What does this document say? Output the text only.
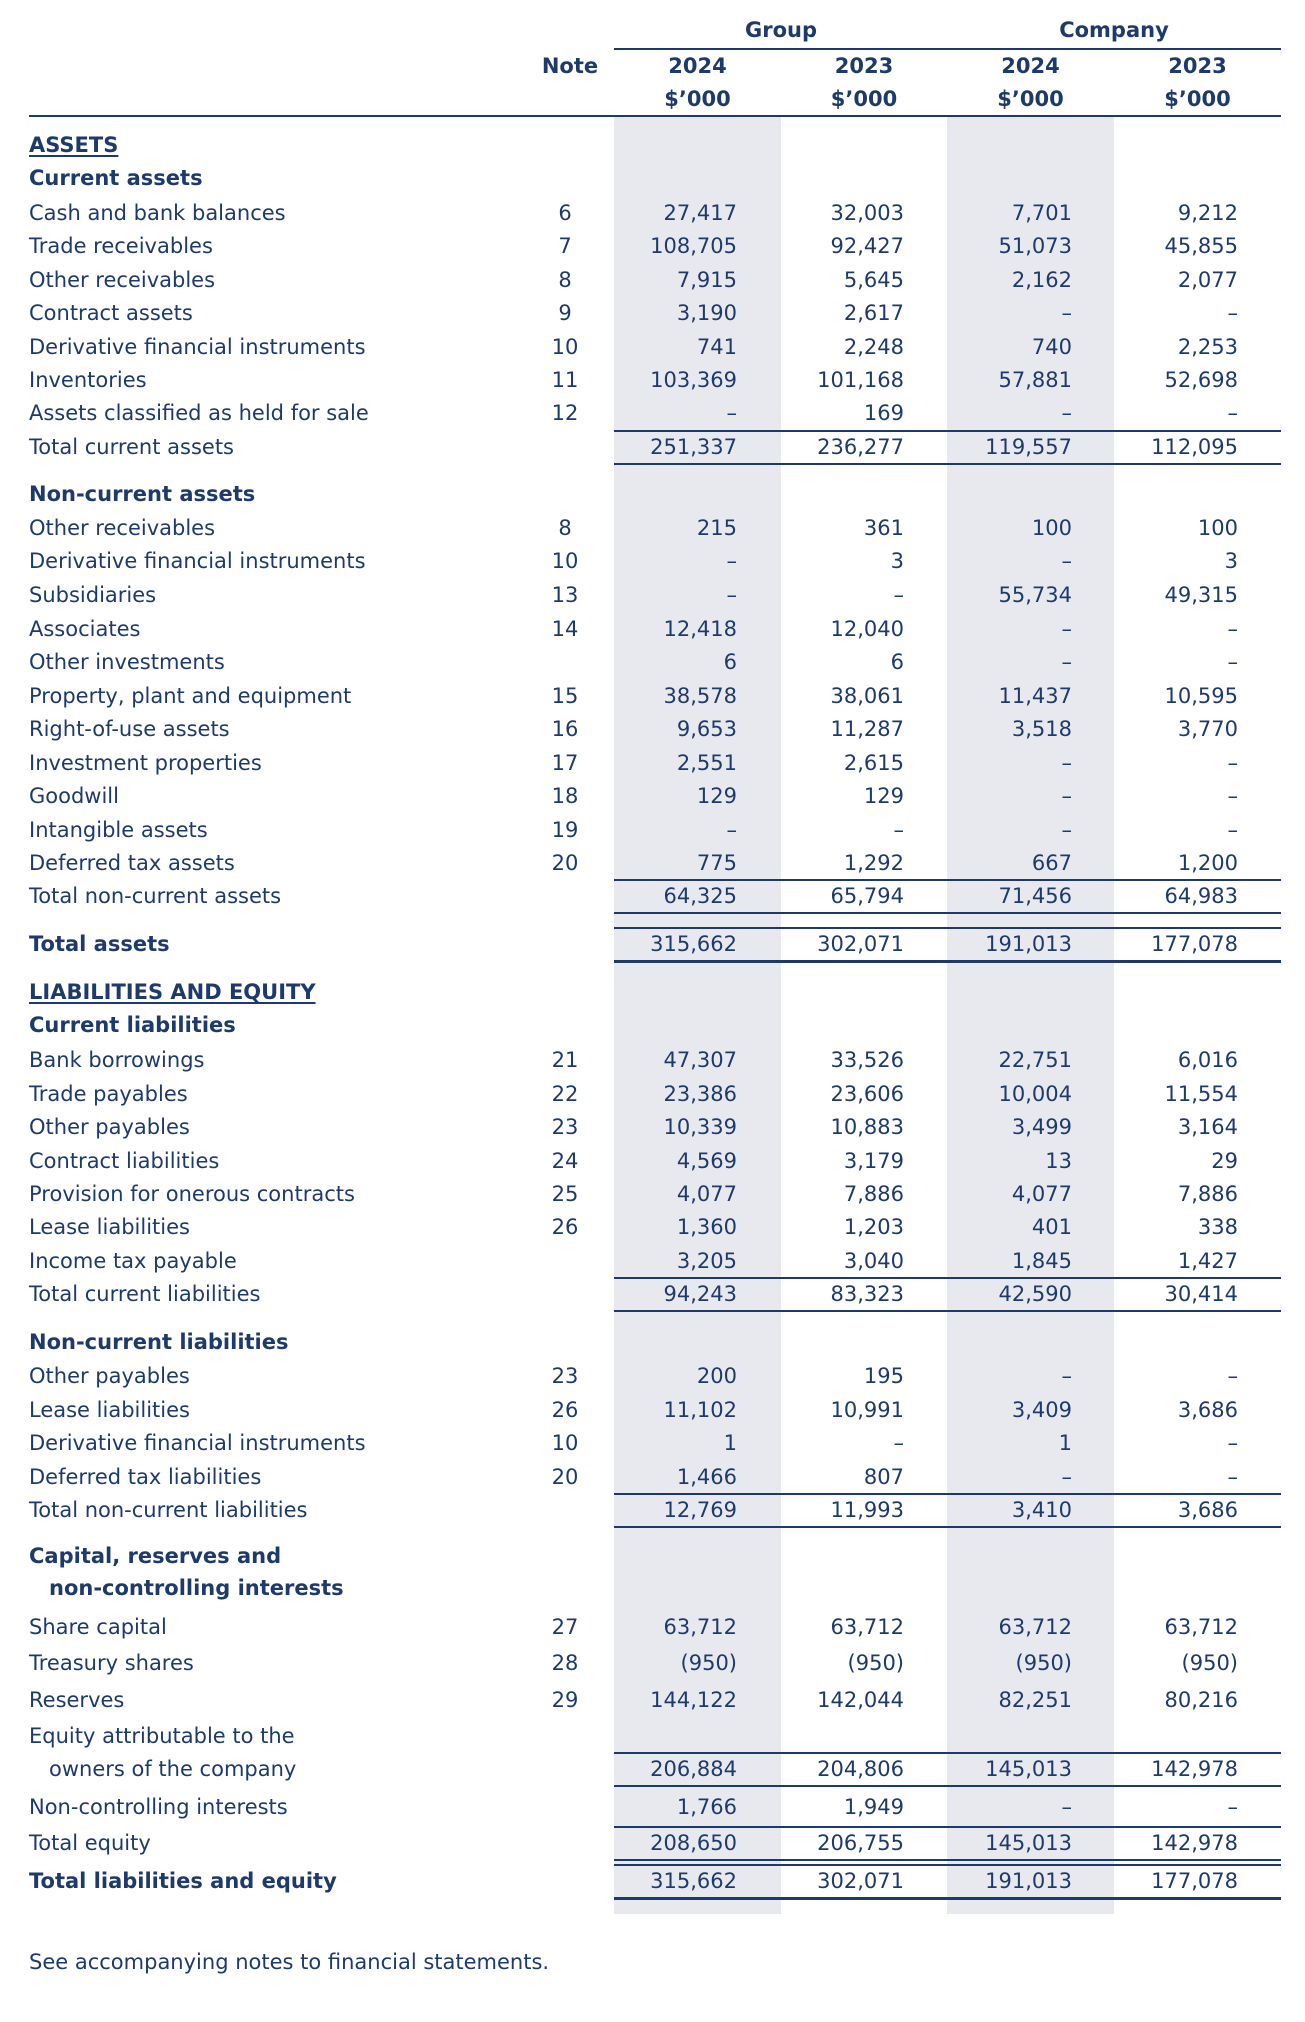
Group	Company
Note	2024	2023	2024	2023
$’000	$’000	$’000	$’000
ASSETS
Current assets
Cash and bank balances	6	27,417	32,003	7,701	9,212
Trade receivables	7	108,705	92,427	51,073	45,855
Other receivables	8	7,915	5,645	2,162	2,077
Contract assets	9	3,190	2,617	–	–
Derivative financial instruments	10	741	2,248	740	2,253
Inventories	11	103,369	101,168	57,881	52,698
Assets classified as held for sale	12	–	169	–	–
Total current assets	251,337	236,277	119,557	112,095
Non-current assets
Other receivables	8	215	361	100	100
Derivative financial instruments	10	–	3	–	3
Subsidiaries	13	–	–	55,734	49,315
Associates	14	12,418	12,040	–	–
Other investments	6	6	–	–
Property, plant and equipment	15	38,578	38,061	11,437	10,595
Right-of-use assets	16	9,653	11,287	3,518	3,770
Investment properties	17	2,551	2,615	–	–
Goodwill	18	129	129	–	–
Intangible assets	19	–	–	–	–
Deferred tax assets	20	775	1,292	667	1,200
Total non-current assets	64,325	65,794	71,456	64,983
Total assets	315,662	302,071	191,013	177,078
LIABILITIES AND EQUITY
Current liabilities
Bank borrowings	21	47,307	33,526	22,751	6,016
Trade payables	22	23,386	23,606	10,004	11,554
Other payables	23	10,339	10,883	3,499	3,164
Contract liabilities	24	4,569	3,179	13	29
Provision for onerous contracts	25	4,077	7,886	4,077	7,886
Lease liabilities	26	1,360	1,203	401	338
Income tax payable	3,205	3,040	1,845	1,427
Total current liabilities	94,243	83,323	42,590	30,414
Non-current liabilities
Other payables	23	200	195	–	–
Lease liabilities	26	11,102	10,991	3,409	3,686
Derivative financial instruments	10	1	–	1	–
Deferred tax liabilities	20	1,466	807	–	–
Total non-current liabilities	12,769	11,993	3,410	3,686
Capital, reserves and
non-controlling interests
Share capital	27	63,712	63,712	63,712	63,712
Treasury shares	28	(950)	(950)	(950)	(950)
Reserves	29	144,122	142,044	82,251	80,216
Equity attributable to the
owners of the company	206,884	204,806	145,013	142,978
Non-controlling interests	1,766	1,949	–	–
Total equity	208,650	206,755	145,013	142,978
Total liabilities and equity	315,662	302,071	191,013	177,078
See accompanying notes to financial statements.
